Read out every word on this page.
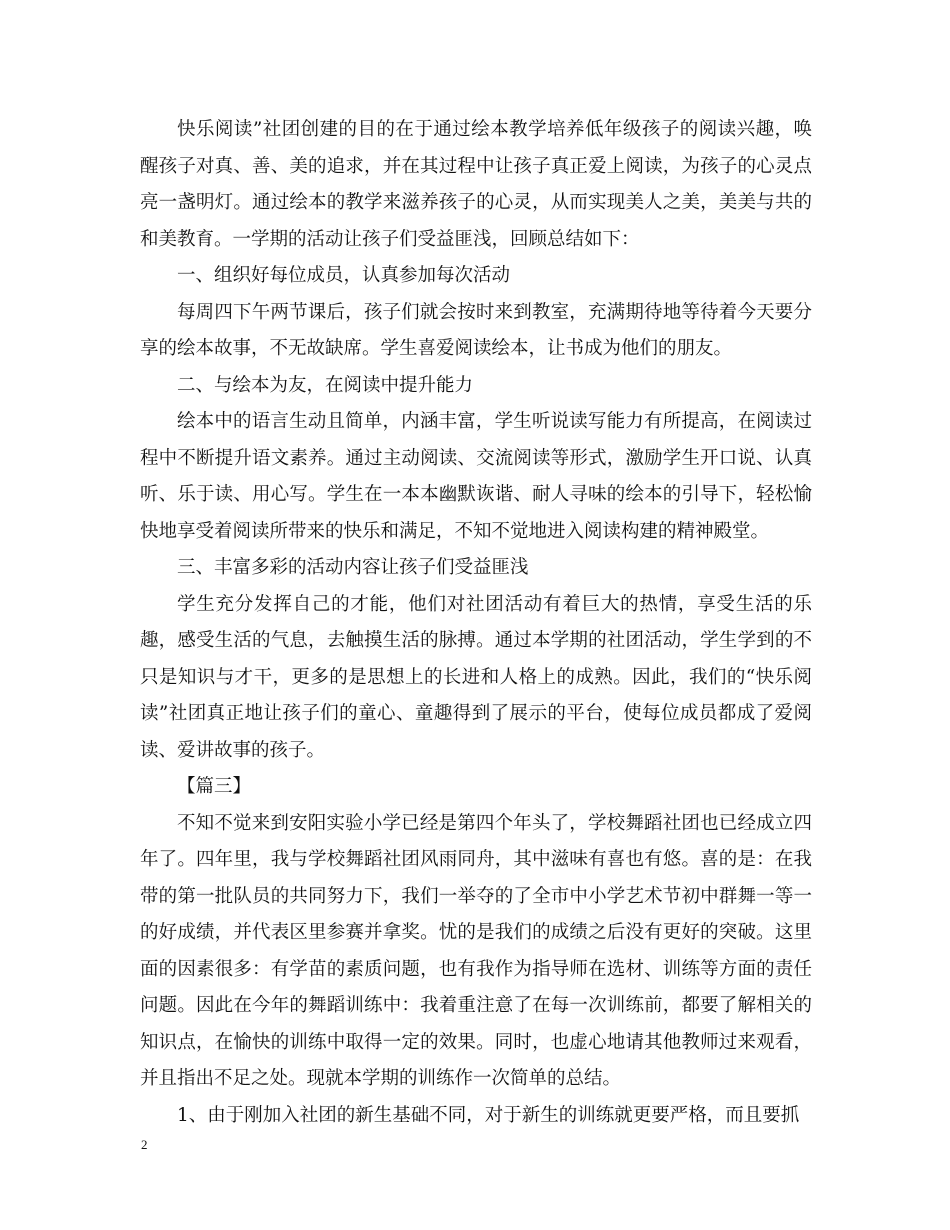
快乐阅读”社团创建的目的在于通过绘本教学培养低年级孩子的阅读兴趣，唤醒孩子对真、善、美的追求，并在其过程中让孩子真正爱上阅读，为孩子的心灵点亮一盏明灯。通过绘本的教学来滋养孩子的心灵，从而实现美人之美，美美与共的和美教育。一学期的活动让孩子们受益匪浅，回顾总结如下：

一、组织好每位成员，认真参加每次活动

每周四下午两节课后，孩子们就会按时来到教室，充满期待地等待着今天要分享的绘本故事，不无故缺席。学生喜爱阅读绘本，让书成为他们的朋友。

二、与绘本为友，在阅读中提升能力

绘本中的语言生动且简单，内涵丰富，学生听说读写能力有所提高，在阅读过程中不断提升语文素养。通过主动阅读、交流阅读等形式，激励学生开口说、认真听、乐于读、用心写。学生在一本本幽默诙谐、耐人寻味的绘本的引导下，轻松愉快地享受着阅读所带来的快乐和满足，不知不觉地进入阅读构建的精神殿堂。

三、丰富多彩的活动内容让孩子们受益匪浅

学生充分发挥自己的才能，他们对社团活动有着巨大的热情，享受生活的乐趣，感受生活的气息，去触摸生活的脉搏。通过本学期的社团活动，学生学到的不只是知识与才干，更多的是思想上的长进和人格上的成熟。因此，我们的“快乐阅读”社团真正地让孩子们的童心、童趣得到了展示的平台，使每位成员都成了爱阅读、爱讲故事的孩子。

【篇三】

不知不觉来到安阳实验小学已经是第四个年头了，学校舞蹈社团也已经成立四年了。四年里，我与学校舞蹈社团风雨同舟，其中滋味有喜也有悠。喜的是：在我带的第一批队员的共同努力下，我们一举夺的了全市中小学艺术节初中群舞一等一的好成绩，并代表区里参赛并拿奖。忧的是我们的成绩之后没有更好的突破。这里面的因素很多：有学苗的素质问题，也有我作为指导师在选材、训练等方面的责任问题。因此在今年的舞蹈训练中：我着重注意了在每一次训练前，都要了解相关的知识点，在愉快的训练中取得一定的效果。同时，也虚心地请其他教师过来观看，并且指出不足之处。现就本学期的训练作一次简单的总结。

1、由于刚加入社团的新生基础不同，对于新生的训练就更要严格，而且要抓

2
